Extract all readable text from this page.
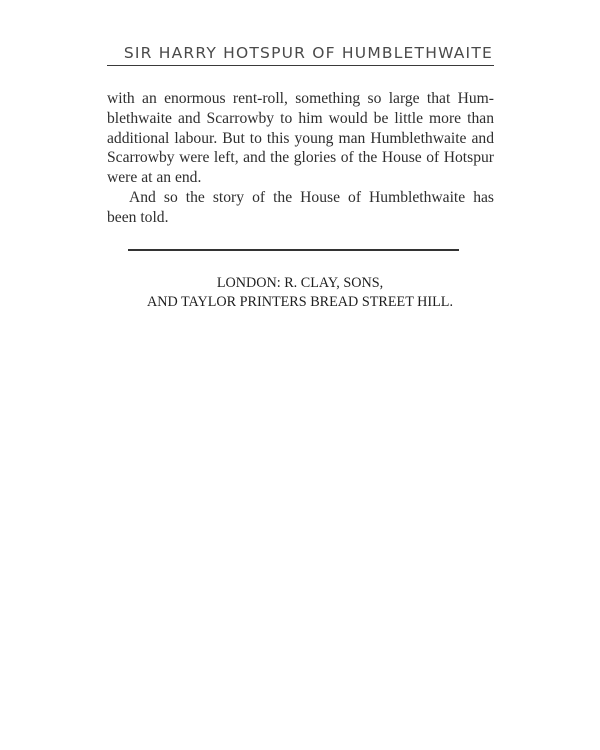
SIR HARRY HOTSPUR OF HUMBLETHWAITE
with an enormous rent-roll, something so large that Hum-
blethwaite and Scarrowby to him would be little more than
additional labour. But to this young man Humblethwaite and
Scarrowby were left, and the glories of the House of Hotspur
were at an end.
And so the story of the House of Humblethwaite has
been told.
LONDON: R. CLAY, SONS,
AND TAYLOR PRINTERS BREAD STREET HILL.
